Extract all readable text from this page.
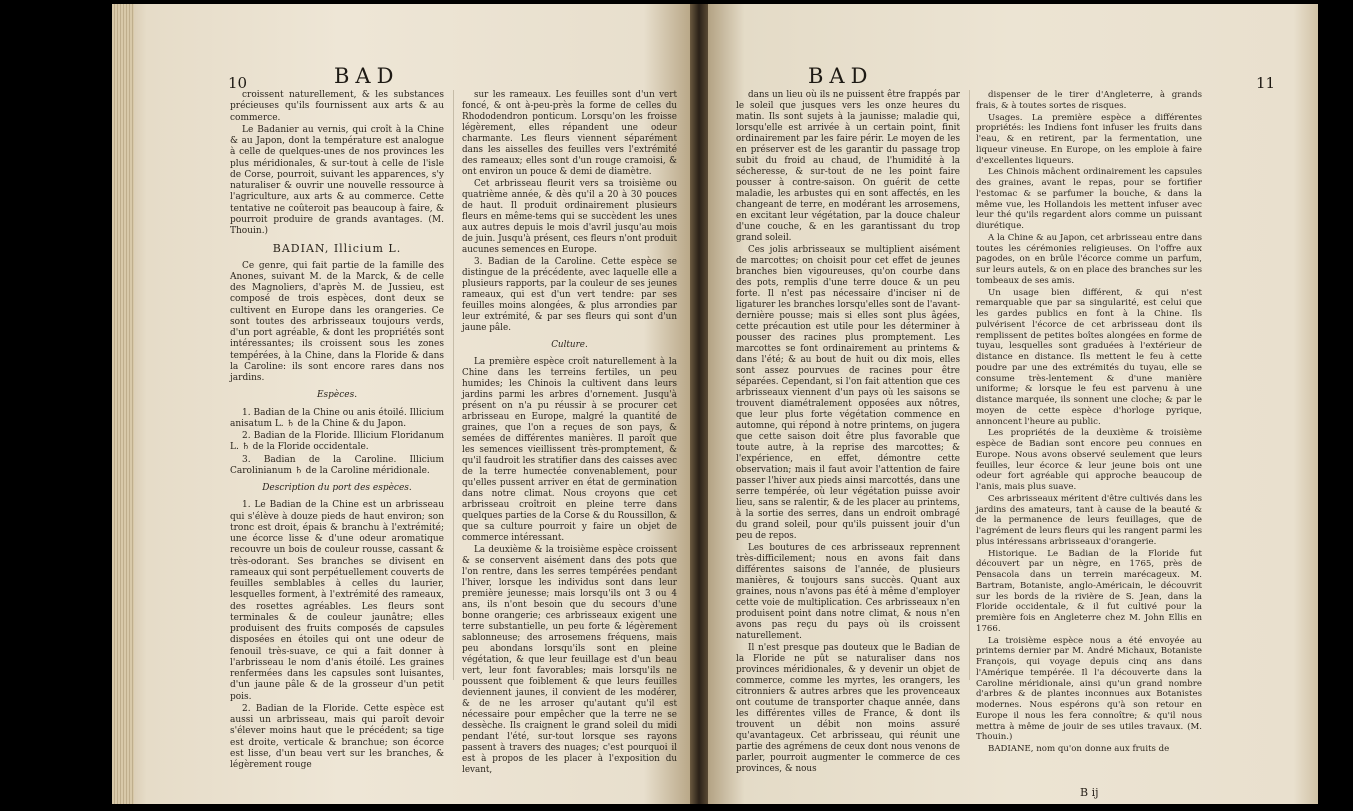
10	BAD

croissent naturellement, & les substances précieuses qu'ils fournissent aux arts & au commerce.

Le Badanier au vernis, qui croît à la Chine & au Japon, dont la température est analogue à celle de quelques-unes de nos provinces les plus méridionales, & sur-tout à celle de l'isle de Corse, pourroit, suivant les apparences, s'y naturaliser & ouvrir une nouvelle ressource à l'agriculture, aux arts & au commerce. Cette tentative ne coûteroit pas beaucoup à faire, & pourroit produire de grands avantages. (M. Thouin.)

BADIAN, Illicium L.

Ce genre, qui fait partie de la famille des Anones, suivant M. de la Marck, & de celle des Magnoliers, d'après M. de Jussieu, est composé de trois espèces, dont deux se cultivent en Europe dans les orangeries. Ce sont toutes des arbrisseaux toujours verds, d'un port agréable, & dont les propriétés sont intéressantes; ils croissent sous les zones tempérées, à la Chine, dans la Floride & dans la Caroline: ils sont encore rares dans nos jardins.

Espèces.

1. Badian de la Chine ou anis étoilé. Illicium anisatum L. ♄ de la Chine & du Japon.

2. Badian de la Floride. Illicium Floridanum L. ♄ de la Floride occidentale.

3. Badian de la Caroline. Illicium Carolinianum ♄ de la Caroline méridionale.

Description du port des espèces.

1. Le Badian de la Chine est un arbrisseau qui s'élève à douze pieds de haut environ; son tronc est droit, épais & branchu à l'extrémité; une écorce lisse & d'une odeur aromatique recouvre un bois de couleur rousse, cassant & très-odorant. Ses branches se divisent en rameaux qui sont perpétuellement couverts de feuilles semblables à celles du laurier, lesquelles forment, à l'extrémité des rameaux, des rosettes agréables. Les fleurs sont terminales & de couleur jaunâtre; elles produisent des fruits composés de capsules disposées en étoiles qui ont une odeur de fenouil très-suave, ce qui a fait donner à l'arbrisseau le nom d'anis étoilé. Les graines renfermées dans les capsules sont luisantes, d'un jaune pâle & de la grosseur d'un petit pois.

2. Badian de la Floride. Cette espèce est aussi un arbrisseau, mais qui paroît devoir s'élever moins haut que le précédent; sa tige est droite, verticale & branchue; son écorce est lisse, d'un beau vert sur les branches, & légèrement rouge

sur les rameaux. Les feuilles sont d'un vert foncé, & ont à-peu-près la forme de celles du Rhododendron ponticum. Lorsqu'on les froisse légèrement, elles répandent une odeur charmante. Les fleurs viennent séparément dans les aisselles des feuilles vers l'extrémité des rameaux; elles sont d'un rouge cramoisi, & ont environ un pouce & demi de diamètre.

Cet arbrisseau fleurit vers sa troisième ou quatrième année, & dès qu'il a 20 à 30 pouces de haut. Il produit ordinairement plusieurs fleurs en même-tems qui se succèdent les unes aux autres depuis le mois d'avril jusqu'au mois de juin. Jusqu'à présent, ces fleurs n'ont produit aucunes semences en Europe.

3. Badian de la Caroline. Cette espèce se distingue de la précédente, avec laquelle elle a plusieurs rapports, par la couleur de ses jeunes rameaux, qui est d'un vert tendre: par ses feuilles moins alongées, & plus arrondies par leur extrémité, & par ses fleurs qui sont d'un jaune pâle.

Culture.

La première espèce croît naturellement à la Chine dans les terreins fertiles, un peu humides; les Chinois la cultivent dans leurs jardins parmi les arbres d'ornement. Jusqu'à présent on n'a pu réussir à se procurer cet arbrisseau en Europe, malgré la quantité de graines, que l'on a reçues de son pays, & semées de différentes manières. Il paroît que les semences vieillissent très-promptement, & qu'il faudroit les stratifier dans des caisses avec de la terre humectée convenablement, pour qu'elles pussent arriver en état de germination dans notre climat. Nous croyons que cet arbrisseau croîtroit en pleine terre dans quelques parties de la Corse & du Roussillon, & que sa culture pourroit y faire un objet de commerce intéressant.

La deuxième & la troisième espèce croissent & se conservent aisément dans des pots que l'on rentre, dans les serres tempérées pendant l'hiver, lorsque les individus sont dans leur première jeunesse; mais lorsqu'ils ont 3 ou 4 ans, ils n'ont besoin que du secours d'une bonne orangerie; ces arbrisseaux exigent une terre substantielle, un peu forte & légèrement sablonneuse; des arrosemens fréquens, mais peu abondans lorsqu'ils sont en pleine végétation, & que leur feuillage est d'un beau vert, leur font favorables; mais lorsqu'ils ne poussent que foiblement & que leurs feuilles deviennent jaunes, il convient de les modérer, & de ne les arroser qu'autant qu'il est nécessaire pour empêcher que la terre ne se dessèche. Ils craignent le grand soleil du midi pendant l'été, sur-tout lorsque ses rayons passent à travers des nuages; c'est pourquoi il est à propos de les placer à l'exposition du levant,

BAD	11

dans un lieu où ils ne puissent être frappés par le soleil que jusques vers les onze heures du matin. Ils sont sujets à la jaunisse; maladie qui, lorsqu'elle est arrivée à un certain point, finit ordinairement par les faire périr. Le moyen de les en préserver est de les garantir du passage trop subit du froid au chaud, de l'humidité à la sécheresse, & sur-tout de ne les point faire pousser à contre-saison. On guérit de cette maladie, les arbustes qui en sont affectés, en les changeant de terre, en modérant les arrosemens, en excitant leur végétation, par la douce chaleur d'une couche, & en les garantissant du trop grand soleil.

Ces jolis arbrisseaux se multiplient aisément de marcottes; on choisit pour cet effet de jeunes branches bien vigoureuses, qu'on courbe dans des pots, remplis d'une terre douce & un peu forte. Il n'est pas nécessaire d'inciser ni de ligaturer les branches lorsqu'elles sont de l'avant-dernière pousse; mais si elles sont plus âgées, cette précaution est utile pour les déterminer à pousser des racines plus promptement. Les marcottes se font ordinairement au printems & dans l'été; & au bout de huit ou dix mois, elles sont assez pourvues de racines pour être séparées. Cependant, si l'on fait attention que ces arbrisseaux viennent d'un pays où les saisons se trouvent diamétralement opposées aux nôtres, que leur plus forte végétation commence en automne, qui répond à notre printems, on jugera que cette saison doit être plus favorable que toute autre, à la reprise des marcottes; & l'expérience, en effet, démontre cette observation; mais il faut avoir l'attention de faire passer l'hiver aux pieds ainsi marcottés, dans une serre tempérée, où leur végétation puisse avoir lieu, sans se ralentir, & de les placer au printems, à la sortie des serres, dans un endroit ombragé du grand soleil, pour qu'ils puissent jouir d'un peu de repos.

Les boutures de ces arbrisseaux reprennent très-difficilement; nous en avons fait dans différentes saisons de l'année, de plusieurs manières, & toujours sans succès. Quant aux graines, nous n'avons pas été à même d'employer cette voie de multiplication. Ces arbrisseaux n'en produisent point dans notre climat, & nous n'en avons pas reçu du pays où ils croissent naturellement.

Il n'est presque pas douteux que le Badian de la Floride ne pût se naturaliser dans nos provinces méridionales, & y devenir un objet de commerce, comme les myrtes, les orangers, les citronniers & autres arbres que les provenceaux ont coutume de transporter chaque année, dans les différentes villes de France, & dont ils trouvent un débit non moins assuré qu'avantageux. Cet arbrisseau, qui réunit une partie des agrémens de ceux dont nous venons de parler, pourroit augmenter le commerce de ces provinces, & nous

dispenser de le tirer d'Angleterre, à grands frais, & à toutes sortes de risques.

Usages. La première espèce a différentes propriétés: les Indiens font infuser les fruits dans l'eau, & en retirent, par la fermentation, une liqueur vineuse. En Europe, on les emploie à faire d'excellentes liqueurs.

Les Chinois mâchent ordinairement les capsules des graines, avant le repas, pour se fortifier l'estomac & se parfumer la bouche, & dans la même vue, les Hollandois les mettent infuser avec leur thé qu'ils regardent alors comme un puissant diurétique.

A la Chine & au Japon, cet arbrisseau entre dans toutes les cérémonies religieuses. On l'offre aux pagodes, on en brûle l'écorce comme un parfum, sur leurs autels, & on en place des branches sur les tombeaux de ses amis.

Un usage bien différent, & qui n'est remarquable que par sa singularité, est celui que les gardes publics en font à la Chine. Ils pulvérisent l'écorce de cet arbrisseau dont ils remplissent de petites boîtes alongées en forme de tuyau, lesquelles sont graduées à l'extérieur de distance en distance. Ils mettent le feu à cette poudre par une des extrémités du tuyau, elle se consume très-lentement & d'une manière uniforme; & lorsque le feu est parvenu à une distance marquée, ils sonnent une cloche; & par le moyen de cette espèce d'horloge pyrique, annoncent l'heure au public.

Les propriétés de la deuxième & troisième espèce de Badian sont encore peu connues en Europe. Nous avons observé seulement que leurs feuilles, leur écorce & leur jeune bois ont une odeur fort agréable qui approche beaucoup de l'anis, mais plus suave.

Ces arbrisseaux méritent d'être cultivés dans les jardins des amateurs, tant à cause de la beauté & de la permanence de leurs feuillages, que de l'agrément de leurs fleurs qui les rangent parmi les plus intéressans arbrisseaux d'orangerie.

Historique. Le Badian de la Floride fut découvert par un nègre, en 1765, près de Pensacola dans un terrein marécageux. M. Bartram, Botaniste, anglo-Américain, le découvrit sur les bords de la rivière de S. Jean, dans la Floride occidentale, & il fut cultivé pour la première fois en Angleterre chez M. John Ellis en 1766.

La troisième espèce nous a été envoyée au printems dernier par M. André Michaux, Botaniste François, qui voyage depuis cinq ans dans l'Amérique tempérée. Il l'a découverte dans la Caroline méridionale, ainsi qu'un grand nombre d'arbres & de plantes inconnues aux Botanistes modernes. Nous espérons qu'à son retour en Europe il nous les fera connoître; & qu'il nous mettra à même de jouir de ses utiles travaux. (M. Thouin.)

BADIANE, nom qu'on donne aux fruits de

B ij
